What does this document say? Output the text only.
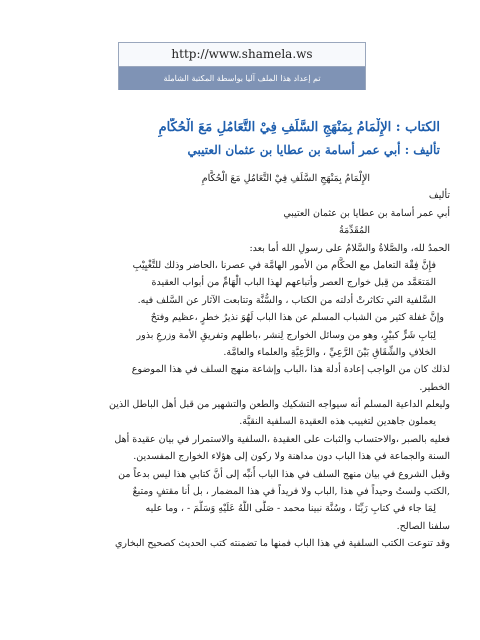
http://www.shamela.ws
تم إعداد هذا الملف آليا بواسطة المكتبة الشاملة
الكتاب : الإِلْمَامُ بِمَنْهَجِ السَّلَفِ فِيْ التَّعَامُلِ مَعَ الْحُكَّامِ
تأليف : أبي عمر أسامة بن عطايا بن عثمان العتيبي
الإِلْمَامُ بِمَنْهَجِ السَّلَفِ فِيْ التَّعَامُلِ مَعَ الْحُكَّامِ
تأليف
أبي عمر أسامة بن عطايا بن عثمان العتيبي
المُقَدِّمَةُ
الحمدُ لله، والصَّلاةُ والسَّلامُ على رسولِ الله أما بعد:
فإِنَّ فِقْهَ التعامل مع الحكَّام من الأمور الهامَّة في عصرنا ،الحاضر وذلك للتَّغْيِيْبِ
المَتعَمَّد من قِبل خوارج العصر وأتباعهم لهذا الباب الْهَامِّ من أبواب العقيدة
السَّلفية التي تكاثرتْ أدلته من الكتاب ، والسُّنَّة وتتابعت الآثار عن السَّلف فيه.
وإنَّ غفلة كثير من الشباب المسلم عن هذا الباب لَهُوَ نذيرُ خطرٍ ،عظيم وفتحٌ
لِبَابِ شَرٍّ كبيْرٍ، وهو من وسائل الخوارج لِنشر ،باطلهم وتفريقِ الأمة وزرعِ بذور
الخلافِ والشِّقَاقِ بَيْنَ الرَّعِيِّ ، والرَّعِيَّةِ والعلماء والعامَّة.
لذلك كان من الواجب إعادة أدلة هذا ،الباب وإشاعة منهج السلف في هذا الموضوع
الخطير.
وليعلم الداعية المسلم أنه سيواجه التشكيك والطعن والتشهير من قبل أهل الباطل الذين
يعملون جاهدين لتغييب هذه العقيدة السلفية النقيَّة.
فعليه بالصبر ،والاحتساب والثبات على العقيدة ،السلفية والاستمرار في بيان عقيدة أهل
السنة والجماعة في هذا الباب دون مداهنة ولا ركون إلى هؤلاء الخوارج المفسدين.
وقبل الشروع في بيان منهج السلف في هذا الباب أُنبِّه إلى أنَّ كتابي هذا ليس بدعاً من
,الكتب ولستُ وحيداً في هذا ,الباب ولا فريداً في هذا المضمار ، بل أنا مقتفٍ ومتبعٌ
لِمَا جاء في كتابِ رَبِّنَا ، وسُنَّة نبينا محمد - صَلَّى اللَّهُ عَلَيْهِ وَسَلَّمَ - ، وما عليه
سلفنا الصالح.
وقد تنوعت الكتب السلفية في هذا الباب فمنها ما تضمنته كتب الحديث كصحيح البخاري
